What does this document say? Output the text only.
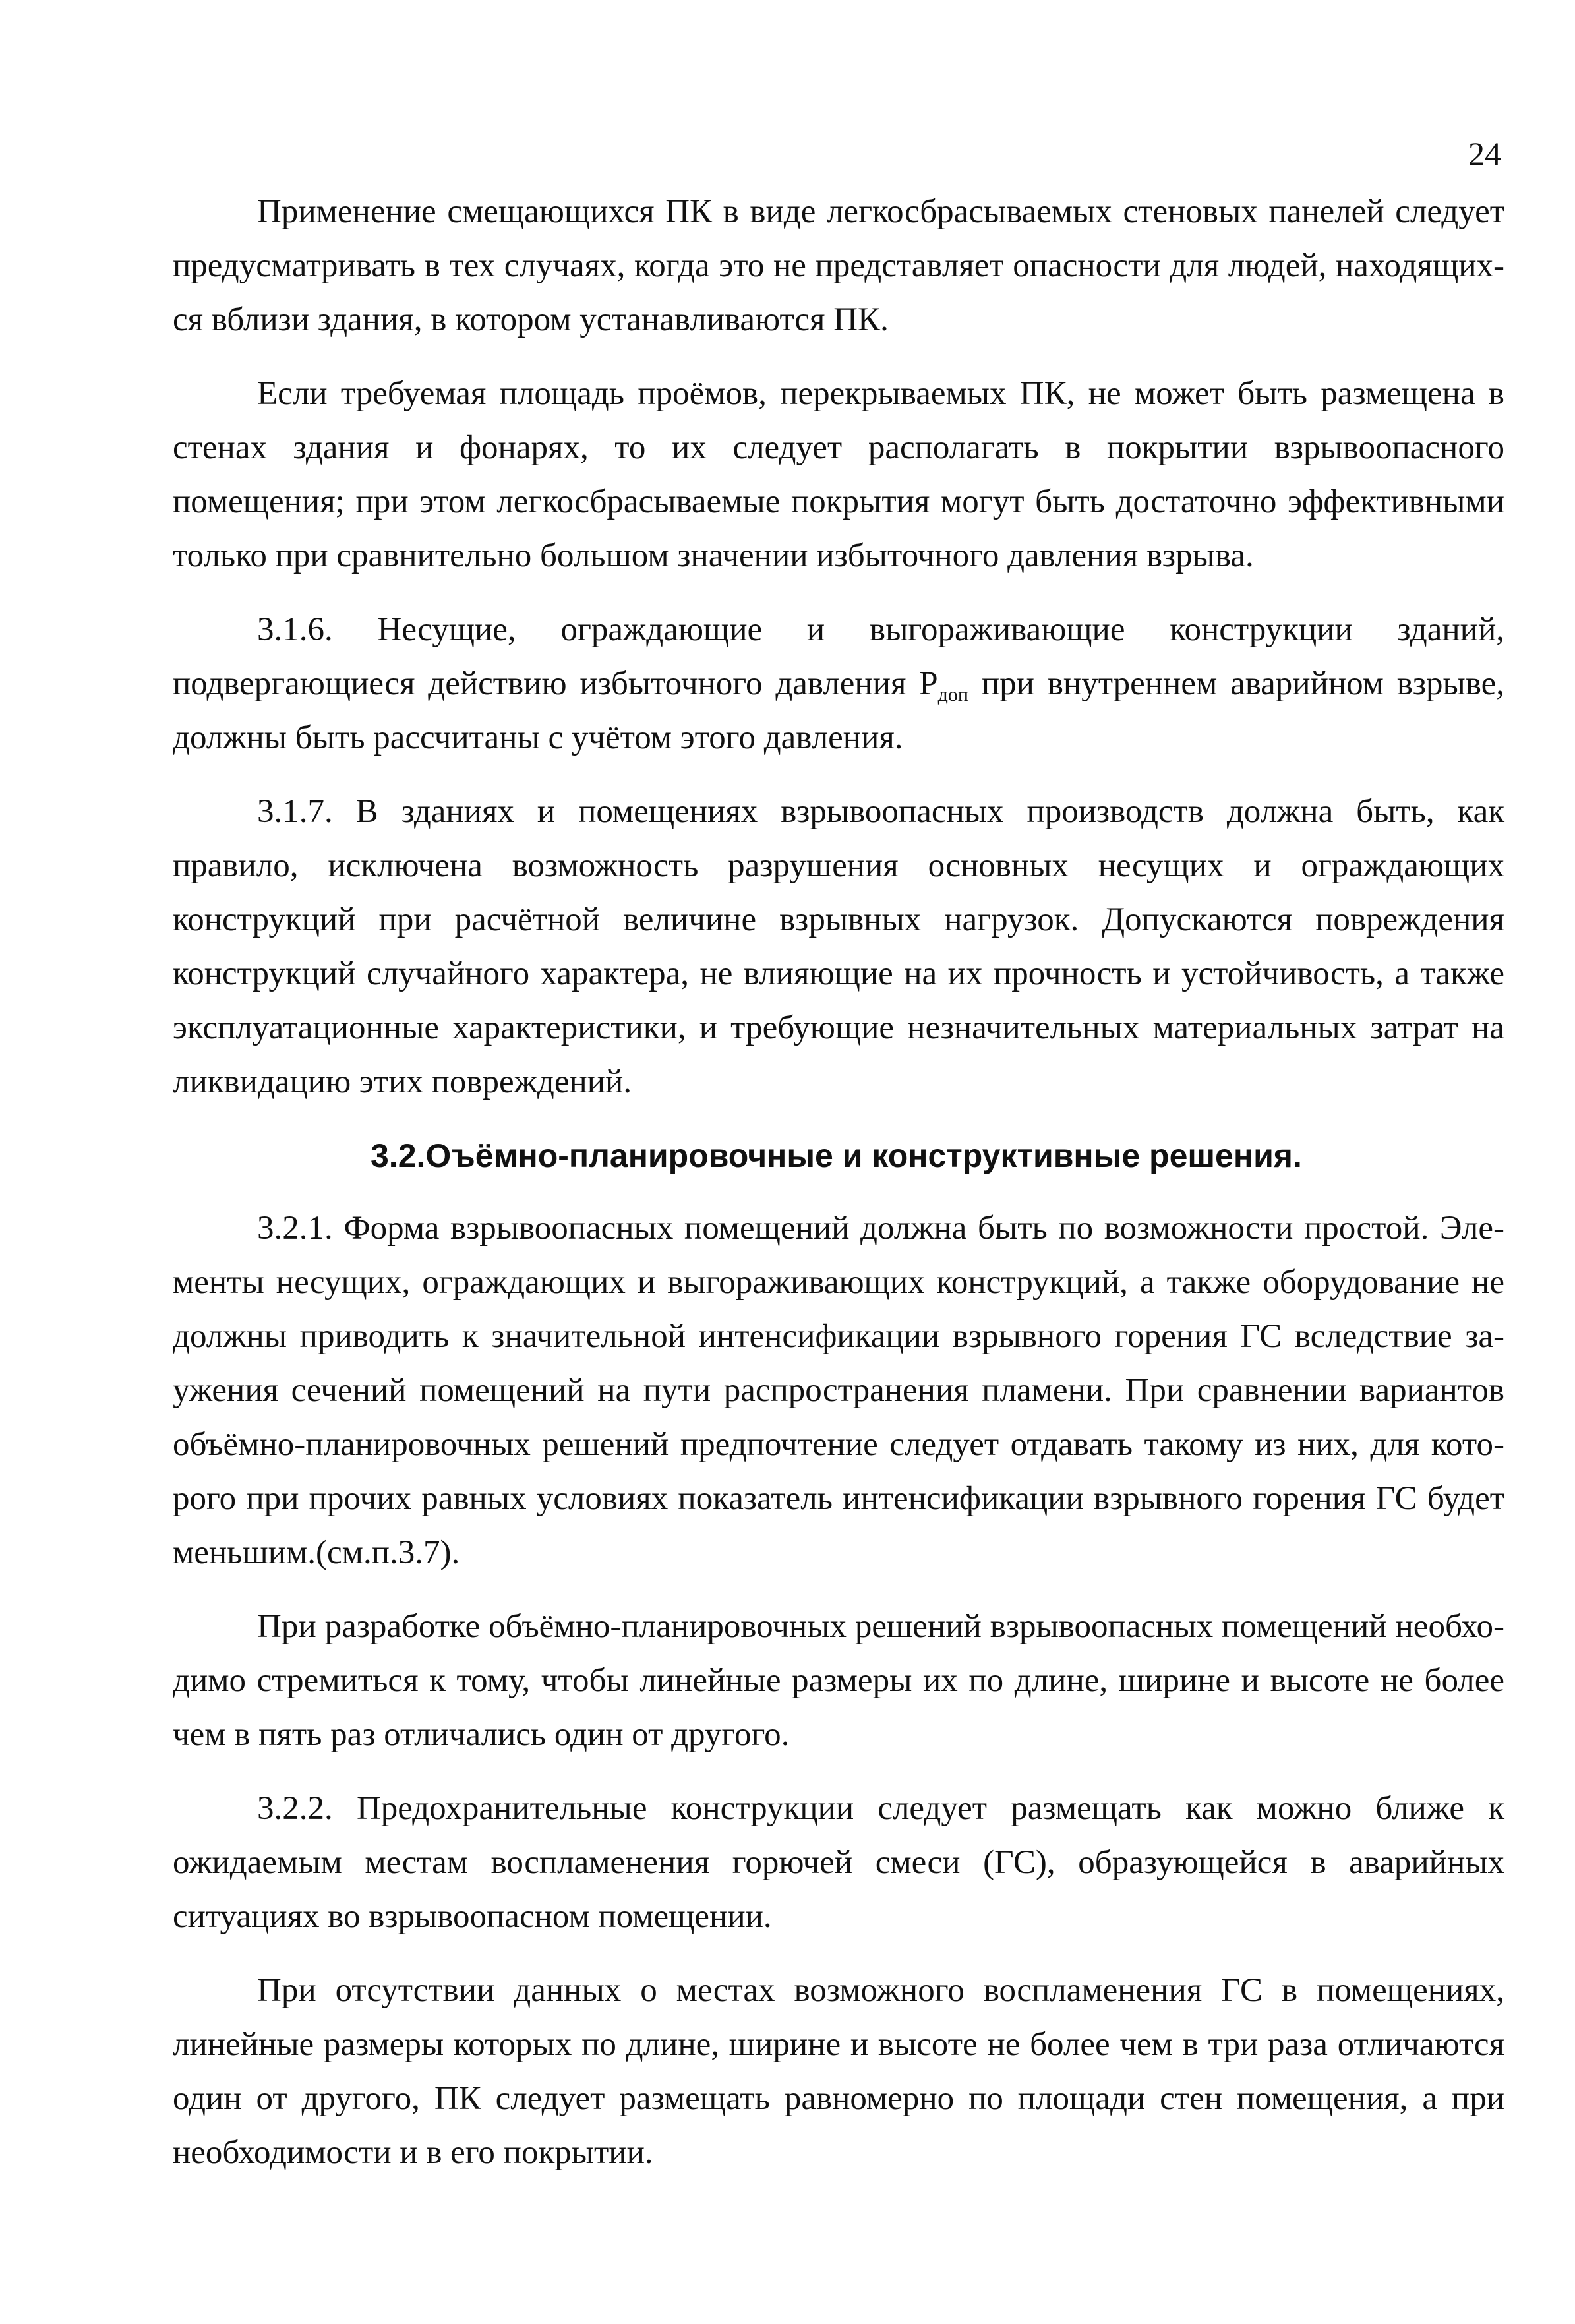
24

Применение смещающихся ПК в виде легкосбрасываемых стеновых панелей следует предусматривать в тех случаях, когда это не представляет опасности для людей, находящихся вблизи здания, в котором устанавливаются ПК.

Если требуемая площадь проёмов, перекрываемых ПК, не может быть размещена в стенах здания и фонарях, то их следует располагать в покрытии взрывоопасного помещения; при этом легкосбрасываемые покрытия могут быть достаточно эффективными только при сравнительно большом значении избыточного давления взрыва.

3.1.6. Несущие, ограждающие и выгораживающие конструкции зданий, подвергающиеся действию избыточного давления $Р_{доп}$ при внутреннем аварийном взрыве, должны быть рассчитаны с учётом этого давления.

3.1.7. В зданиях и помещениях взрывоопасных производств должна быть, как правило, исключена возможность разрушения основных несущих и ограждающих конструкций при расчётной величине взрывных нагрузок. Допускаются повреждения конструкций случайного характера, не влияющие на их прочность и устойчивость, а также эксплуатационные характеристики, и требующие незначительных материальных затрат на ликвидацию этих повреждений.

3.2.Оъёмно-планировочные и конструктивные решения.

3.2.1. Форма взрывоопасных помещений должна быть по возможности простой. Элементы несущих, ограждающих и выгораживающих конструкций, а также оборудование не должны приводить к значительной интенсификации взрывного горения ГС вследствие заужения сечений помещений на пути распространения пламени. При сравнении вариантов объёмно-планировочных решений предпочтение следует отдавать такому из них, для которого при прочих равных условиях показатель интенсификации взрывного горения ГС будет меньшим.(см.п.3.7).

При разработке объёмно-планировочных решений взрывоопасных помещений необходимо стремиться к тому, чтобы линейные размеры их по длине, ширине и высоте не более чем в пять раз отличались один от другого.

3.2.2. Предохранительные конструкции следует размещать как можно ближе к ожидаемым местам воспламенения горючей смеси (ГС), образующейся в аварийных ситуациях во взрывоопасном помещении.

При отсутствии данных о местах возможного воспламенения ГС в помещениях, линейные размеры которых по длине, ширине и высоте не более чем в три раза отличаются один от другого, ПК следует размещать равномерно по площади стен помещения, а при необходимости и в его покрытии.
